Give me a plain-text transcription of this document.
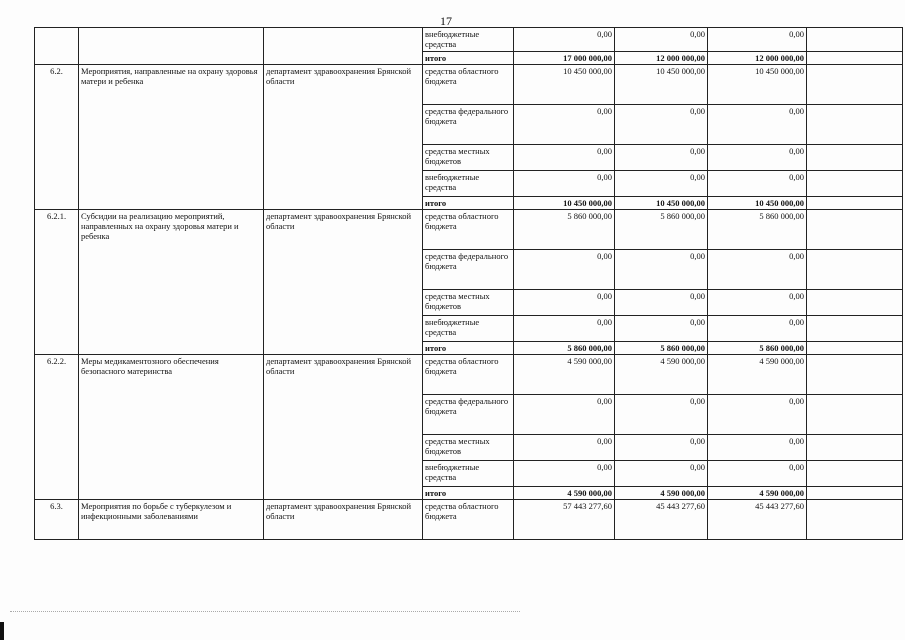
17
			внебюджетные средства	0,00	0,00	0,00	
			итого	17 000 000,00	12 000 000,00	12 000 000,00	
6.2.	Мероприятия, направленные на охрану здоровья матери и ребенка	департамент здравоохранения Брянской области	средства областного бюджета	10 450 000,00	10 450 000,00	10 450 000,00	
			средства федерального бюджета	0,00	0,00	0,00	
			средства местных бюджетов	0,00	0,00	0,00	
			внебюджетные средства	0,00	0,00	0,00	
			итого	10 450 000,00	10 450 000,00	10 450 000,00	
6.2.1.	Субсидии на реализацию мероприятий, направленных на охрану здоровья матери и ребенка	департамент здравоохранения Брянской области	средства областного бюджета	5 860 000,00	5 860 000,00	5 860 000,00	
			средства федерального бюджета	0,00	0,00	0,00	
			средства местных бюджетов	0,00	0,00	0,00	
			внебюджетные средства	0,00	0,00	0,00	
			итого	5 860 000,00	5 860 000,00	5 860 000,00	
6.2.2.	Меры медикаментозного обеспечения безопасного материнства	департамент здравоохранения Брянской области	средства областного бюджета	4 590 000,00	4 590 000,00	4 590 000,00	
			средства федерального бюджета	0,00	0,00	0,00	
			средства местных бюджетов	0,00	0,00	0,00	
			внебюджетные средства	0,00	0,00	0,00	
			итого	4 590 000,00	4 590 000,00	4 590 000,00	
6.3.	Мероприятия по борьбе с туберкулезом и инфекционными заболеваниями	департамент здравоохранения Брянской области	средства областного бюджета	57 443 277,60	45 443 277,60	45 443 277,60	
